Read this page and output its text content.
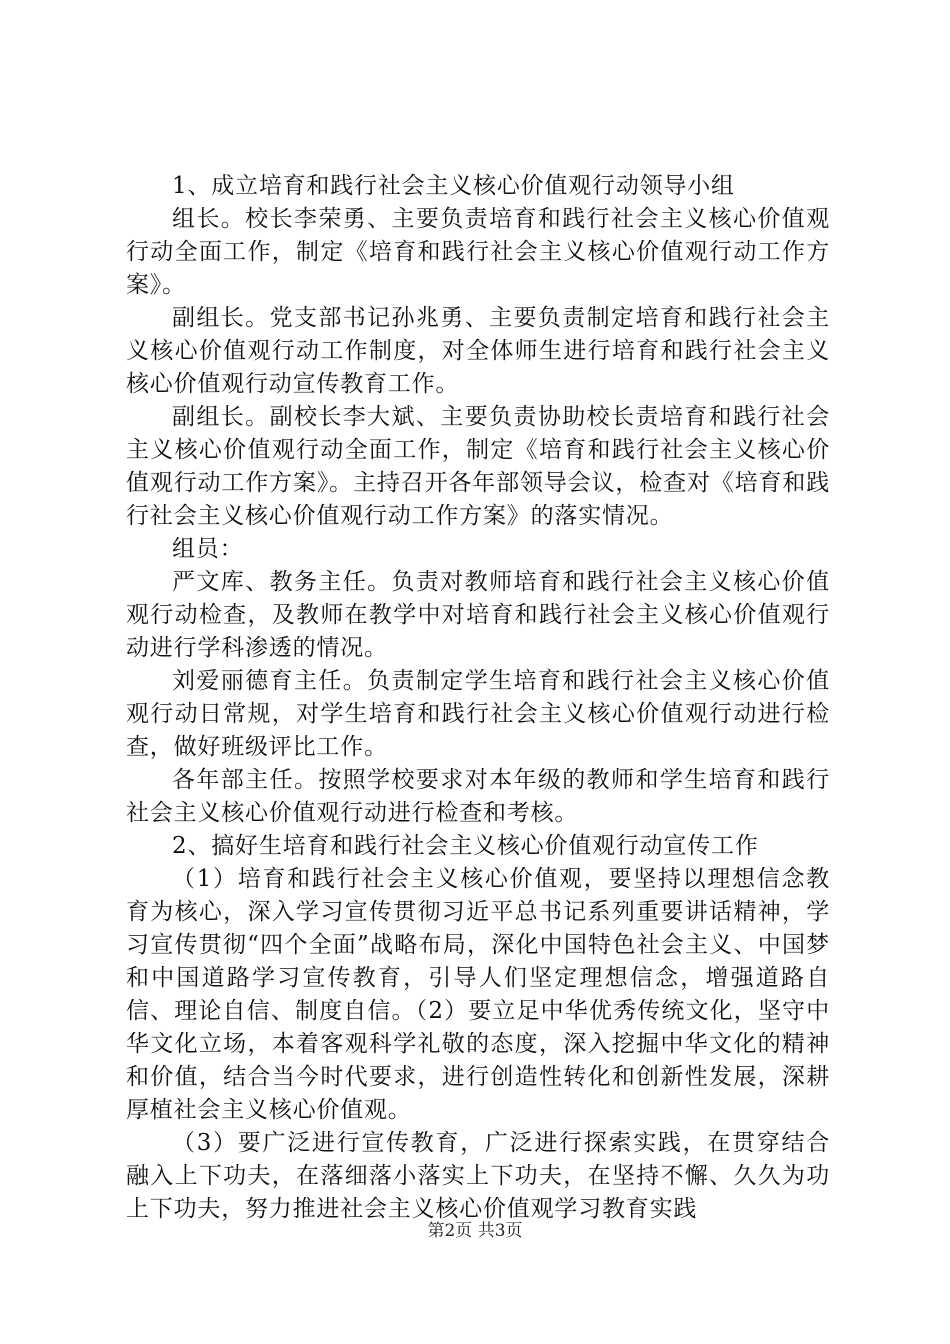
1、成立培育和践行社会主义核心价值观行动领导小组

组长。校长李荣勇、主要负责培育和践行社会主义核心价值观行动全面工作，制定《培育和践行社会主义核心价值观行动工作方案》。

副组长。党支部书记孙兆勇、主要负责制定培育和践行社会主义核心价值观行动工作制度，对全体师生进行培育和践行社会主义核心价值观行动宣传教育工作。

副组长。副校长李大斌、主要负责协助校长责培育和践行社会主义核心价值观行动全面工作，制定《培育和践行社会主义核心价值观行动工作方案》。主持召开各年部领导会议，检查对《培育和践行社会主义核心价值观行动工作方案》的落实情况。

组员：

严文库、教务主任。负责对教师培育和践行社会主义核心价值观行动检查，及教师在教学中对培育和践行社会主义核心价值观行动进行学科渗透的情况。

刘爱丽德育主任。负责制定学生培育和践行社会主义核心价值观行动日常规，对学生培育和践行社会主义核心价值观行动进行检查，做好班级评比工作。

各年部主任。按照学校要求对本年级的教师和学生培育和践行社会主义核心价值观行动进行检查和考核。

2、搞好生培育和践行社会主义核心价值观行动宣传工作

（1）培育和践行社会主义核心价值观，要坚持以理想信念教育为核心，深入学习宣传贯彻习近平总书记系列重要讲话精神，学习宣传贯彻“四个全面”战略布局，深化中国特色社会主义、中国梦和中国道路学习宣传教育，引导人们坚定理想信念，增强道路自信、理论自信、制度自信。（2）要立足中华优秀传统文化，坚守中华文化立场，本着客观科学礼敬的态度，深入挖掘中华文化的精神和价值，结合当今时代要求，进行创造性转化和创新性发展，深耕厚植社会主义核心价值观。

（3）要广泛进行宣传教育，广泛进行探索实践，在贯穿结合融入上下功夫，在落细落小落实上下功夫，在坚持不懈、久久为功上下功夫，努力推进社会主义核心价值观学习教育实践

第2页 共3页
